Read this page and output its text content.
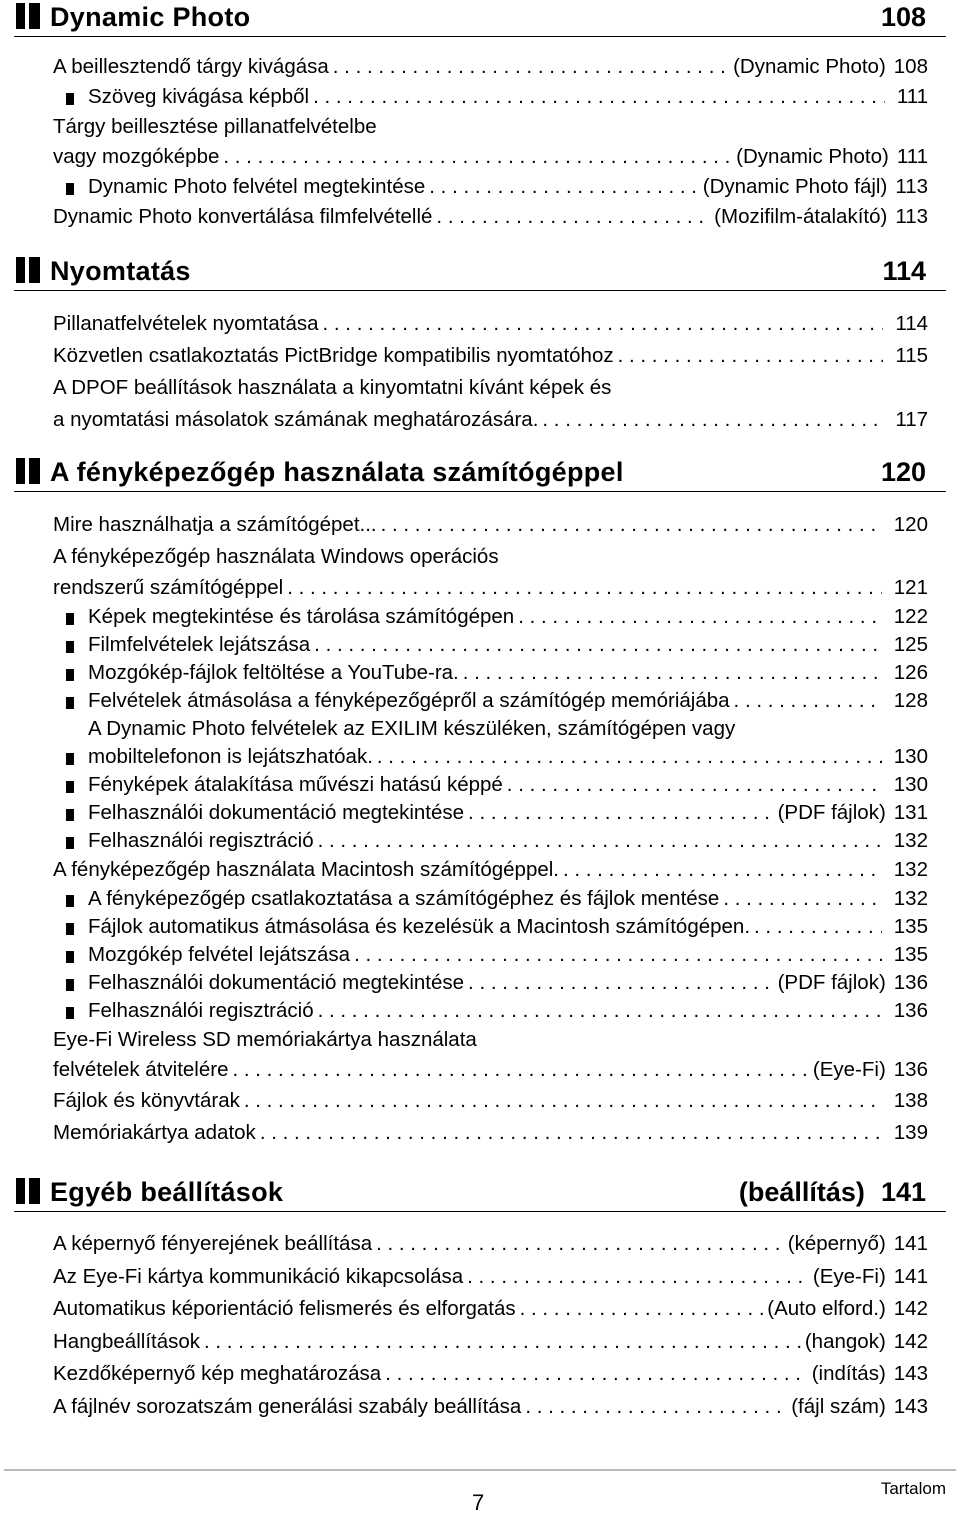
Dynamic Photo	108
A beillesztendő tárgy kivágása . . .	(Dynamic Photo) 108
Szöveg kivágása képből . . .	111
Tárgy beillesztése pillanatfelvételbe
vagy mozgóképbe . . .	(Dynamic Photo) 111
Dynamic Photo felvétel megtekintése . . .	(Dynamic Photo fájl) 113
Dynamic Photo konvertálása filmfelvétellé . . .	(Mozifilm-átalakító) 113
Nyomtatás	114
Pillanatfelvételek nyomtatása . . .	114
Közvetlen csatlakoztatás PictBridge kompatibilis nyomtatóhoz . . .	115
A DPOF beállítások használata a kinyomtatni kívánt képek és
a nyomtatási másolatok számának meghatározására. . . .	117
A fényképezőgép használata számítógéppel	120
Mire használhatja a számítógépet... . . .	120
A fényképezőgép használata Windows operációs
rendszerű számítógéppel . . .	121
Képek megtekintése és tárolása számítógépen . . .	122
Filmfelvételek lejátszása . . .	125
Mozgókép-fájlok feltöltése a YouTube-ra. . . .	126
Felvételek átmásolása a fényképezőgépről a számítógép memóriájába . . .	128
A Dynamic Photo felvételek az EXILIM készüléken, számítógépen vagy
mobiltelefonon is lejátszhatóak. . . .	130
Fényképek átalakítása művészi hatású képpé . . .	130
Felhasználói dokumentáció megtekintése . . .	(PDF fájlok) 131
Felhasználói regisztráció . . .	132
A fényképezőgép használata Macintosh számítógéppel. . . .	132
A fényképezőgép csatlakoztatása a számítógéphez és fájlok mentése . . .	132
Fájlok automatikus átmásolása és kezelésük a Macintosh számítógépen. . . .	135
Mozgókép felvétel lejátszása . . .	135
Felhasználói dokumentáció megtekintése . . .	(PDF fájlok) 136
Felhasználói regisztráció . . .	136
Eye-Fi Wireless SD memóriakártya használata
felvételek átvitelére . . .	(Eye-Fi) 136
Fájlok és könyvtárak . . .	138
Memóriakártya adatok . . .	139
Egyéb beállítások	(beállítás) 141
A képernyő fényerejének beállítása . . .	(képernyő) 141
Az Eye-Fi kártya kommunikáció kikapcsolása . . .	(Eye-Fi) 141
Automatikus képorientáció felismerés és elforgatás . . .	(Auto elford.) 142
Hangbeállítások . . .	(hangok) 142
Kezdőképernyő kép meghatározása . . .	(indítás) 143
A fájlnév sorozatszám generálási szabály beállítása . . .	(fájl szám) 143
7
Tartalom
